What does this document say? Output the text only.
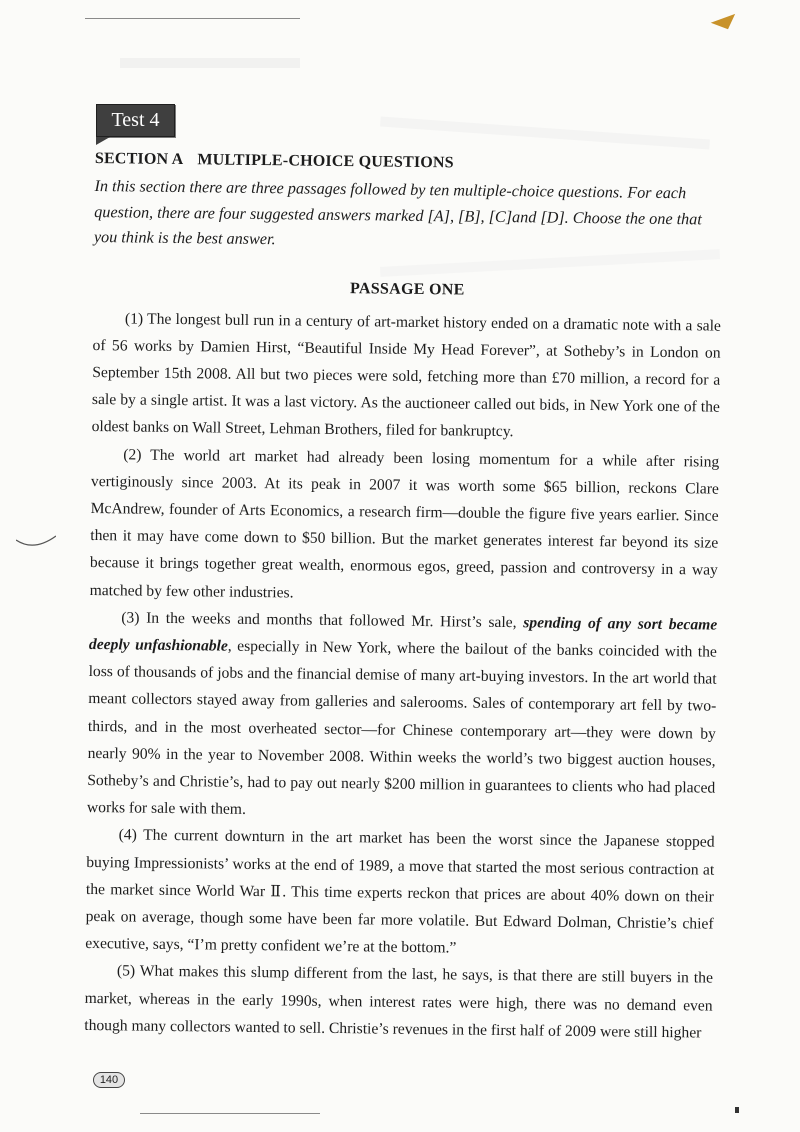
Test 4
SECTION A MULTIPLE-CHOICE QUESTIONS

In this section there are three passages followed by ten multiple-choice questions. For each question, there are four suggested answers marked [A], [B], [C]and [D]. Choose the one that you think is the best answer.

PASSAGE ONE

(1) The longest bull run in a century of art-market history ended on a dramatic note with a sale of 56 works by Damien Hirst, “Beautiful Inside My Head Forever”, at Sotheby’s in London on September 15th 2008. All but two pieces were sold, fetching more than £70 million, a record for a sale by a single artist. It was a last victory. As the auctioneer called out bids, in New York one of the oldest banks on Wall Street, Lehman Brothers, filed for bankruptcy.

(2) The world art market had already been losing momentum for a while after rising vertiginously since 2003. At its peak in 2007 it was worth some $65 billion, reckons Clare McAndrew, founder of Arts Economics, a research firm—double the figure five years earlier. Since then it may have come down to $50 billion. But the market generates interest far beyond its size because it brings together great wealth, enormous egos, greed, passion and controversy in a way matched by few other industries.

(3) In the weeks and months that followed Mr. Hirst’s sale, spending of any sort became deeply unfashionable, especially in New York, where the bailout of the banks coincided with the loss of thousands of jobs and the financial demise of many art-buying investors. In the art world that meant collectors stayed away from galleries and salerooms. Sales of contemporary art fell by two-thirds, and in the most overheated sector—for Chinese contemporary art—they were down by nearly 90% in the year to November 2008. Within weeks the world’s two biggest auction houses, Sotheby’s and Christie’s, had to pay out nearly $200 million in guarantees to clients who had placed works for sale with them.

(4) The current downturn in the art market has been the worst since the Japanese stopped buying Impressionists’ works at the end of 1989, a move that started the most serious contraction at the market since World War Ⅱ. This time experts reckon that prices are about 40% down on their peak on average, though some have been far more volatile. But Edward Dolman, Christie’s chief executive, says, “I’m pretty confident we’re at the bottom.”

(5) What makes this slump different from the last, he says, is that there are still buyers in the market, whereas in the early 1990s, when interest rates were high, there was no demand even though many collectors wanted to sell. Christie’s revenues in the first half of 2009 were still higher

140
